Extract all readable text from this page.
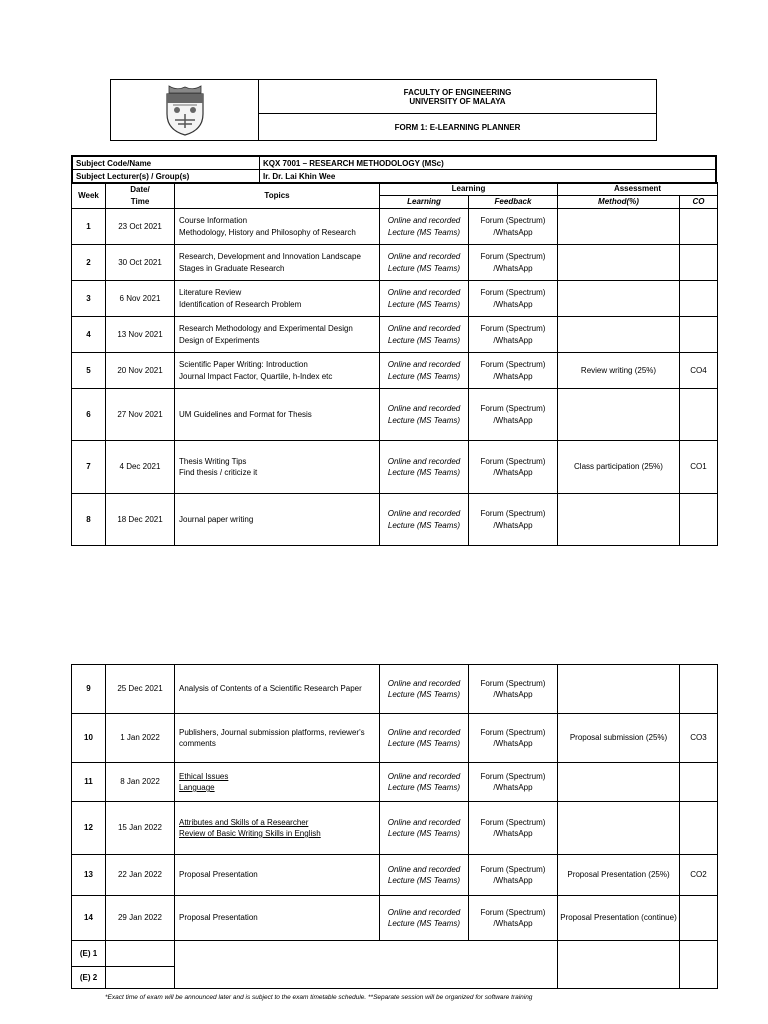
FACULTY OF ENGINEERING
UNIVERSITY OF MALAYA

FORM 1: E-LEARNING PLANNER
Subject Code/Name	KQX 7001 – RESEARCH METHODOLOGY (MSc)
Subject Lecturer(s) / Group(s)	Ir. Dr. Lai Khin Wee
Week	Date/
Time	Topics	Learning		Assessment	
			Learning	Feedback	Method(%)	CO
1	23 Oct 2021	Course Information
Methodology, History and Philosophy of Research	Online and recorded Lecture (MS Teams)	Forum (Spectrum) /WhatsApp		
2	30 Oct 2021	Research, Development and Innovation Landscape
Stages in Graduate Research	Online and recorded Lecture (MS Teams)	Forum (Spectrum) /WhatsApp		
3	6 Nov 2021	Literature Review
Identification of Research Problem	Online and recorded Lecture (MS Teams)	Forum (Spectrum) /WhatsApp		
4	13 Nov 2021	Research Methodology and Experimental Design
Design of Experiments	Online and recorded Lecture (MS Teams)	Forum (Spectrum) /WhatsApp		
5	20 Nov 2021	Scientific Paper Writing: Introduction
Journal Impact Factor, Quartile, h-Index etc	Online and recorded Lecture (MS Teams)	Forum (Spectrum) /WhatsApp	Review writing (25%)	CO4
6	27 Nov 2021	UM Guidelines and Format for Thesis	Online and recorded Lecture (MS Teams)	Forum (Spectrum) /WhatsApp		
7	4 Dec 2021	Thesis Writing Tips
Find thesis / criticize it	Online and recorded Lecture (MS Teams)	Forum (Spectrum) /WhatsApp	Class participation (25%)	CO1
8	18 Dec 2021	Journal paper writing	Online and recorded Lecture (MS Teams)	Forum (Spectrum) /WhatsApp		
9	25 Dec 2021	Analysis of Contents of a Scientific Research Paper	Online and recorded Lecture (MS Teams)	Forum (Spectrum) /WhatsApp		
10	1 Jan 2022	Publishers, Journal submission platforms, reviewer's comments	Online and recorded Lecture (MS Teams)	Forum (Spectrum) /WhatsApp	Proposal submission (25%)	CO3
11	8 Jan 2022	Ethical Issues
Language	Online and recorded Lecture (MS Teams)	Forum (Spectrum) /WhatsApp		
12	15 Jan 2022	Attributes and Skills of a Researcher
Review of Basic Writing Skills in English	Online and recorded Lecture (MS Teams)	Forum (Spectrum) /WhatsApp		
13	22 Jan 2022	Proposal Presentation	Online and recorded Lecture (MS Teams)	Forum (Spectrum) /WhatsApp	Proposal Presentation (25%)	CO2
14	29 Jan 2022	Proposal Presentation	Online and recorded Lecture (MS Teams)	Forum (Spectrum) /WhatsApp	Proposal Presentation (continue)	
(E) 1						
(E) 2						
*Exact time of exam will be announced later and is subject to the exam timetable schedule. **Separate session will be organized for software training
